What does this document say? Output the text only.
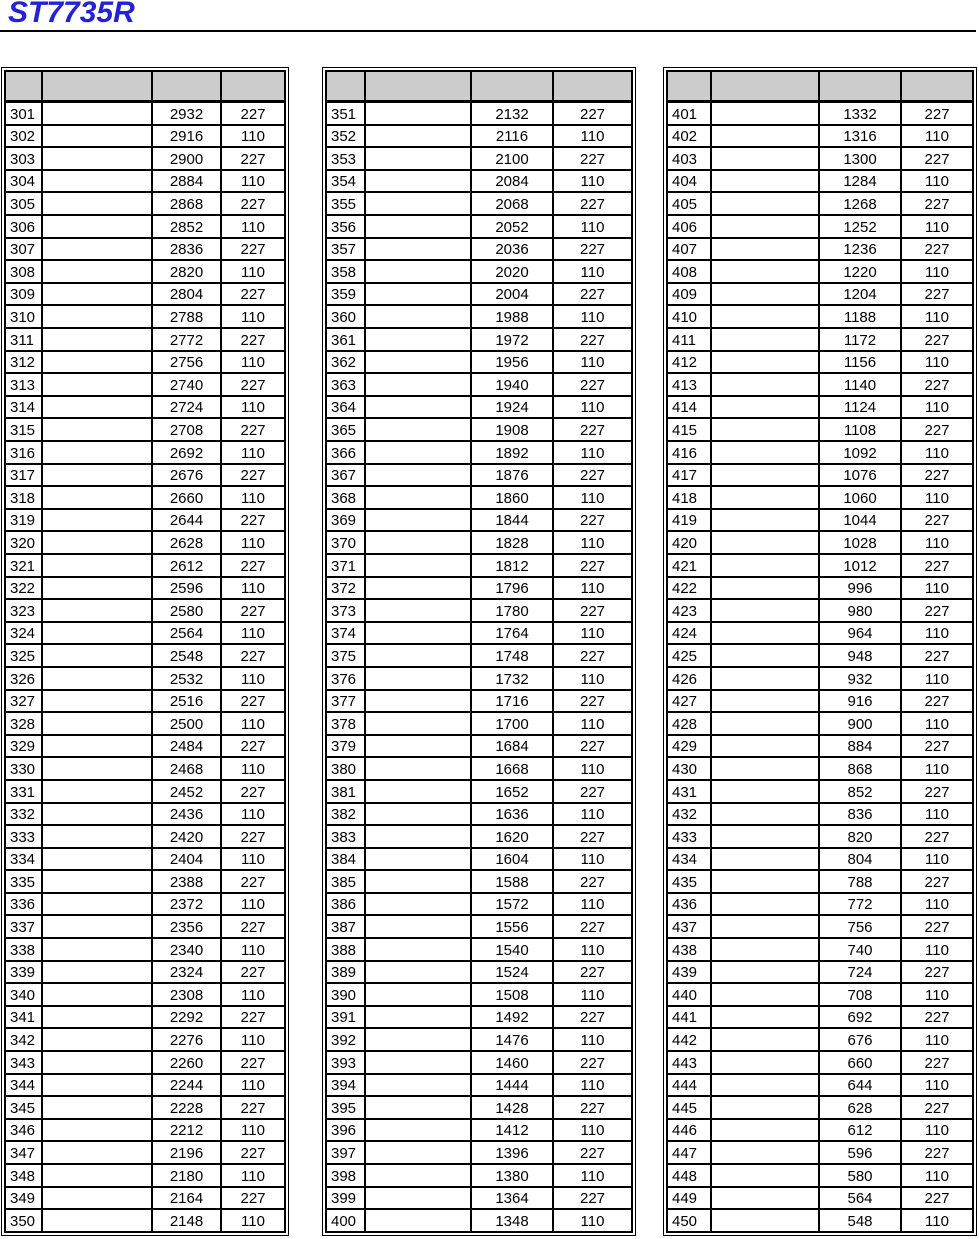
ST7735R

301		2932	227
302		2916	110
303		2900	227
304		2884	110
305		2868	227
306		2852	110
307		2836	227
308		2820	110
309		2804	227
310		2788	110
311		2772	227
312		2756	110
313		2740	227
314		2724	110
315		2708	227
316		2692	110
317		2676	227
318		2660	110
319		2644	227
320		2628	110
321		2612	227
322		2596	110
323		2580	227
324		2564	110
325		2548	227
326		2532	110
327		2516	227
328		2500	110
329		2484	227
330		2468	110
331		2452	227
332		2436	110
333		2420	227
334		2404	110
335		2388	227
336		2372	110
337		2356	227
338		2340	110
339		2324	227
340		2308	110
341		2292	227
342		2276	110
343		2260	227
344		2244	110
345		2228	227
346		2212	110
347		2196	227
348		2180	110
349		2164	227
350		2148	110

351		2132	227
352		2116	110
353		2100	227
354		2084	110
355		2068	227
356		2052	110
357		2036	227
358		2020	110
359		2004	227
360		1988	110
361		1972	227
362		1956	110
363		1940	227
364		1924	110
365		1908	227
366		1892	110
367		1876	227
368		1860	110
369		1844	227
370		1828	110
371		1812	227
372		1796	110
373		1780	227
374		1764	110
375		1748	227
376		1732	110
377		1716	227
378		1700	110
379		1684	227
380		1668	110
381		1652	227
382		1636	110
383		1620	227
384		1604	110
385		1588	227
386		1572	110
387		1556	227
388		1540	110
389		1524	227
390		1508	110
391		1492	227
392		1476	110
393		1460	227
394		1444	110
395		1428	227
396		1412	110
397		1396	227
398		1380	110
399		1364	227
400		1348	110

401		1332	227
402		1316	110
403		1300	227
404		1284	110
405		1268	227
406		1252	110
407		1236	227
408		1220	110
409		1204	227
410		1188	110
411		1172	227
412		1156	110
413		1140	227
414		1124	110
415		1108	227
416		1092	110
417		1076	227
418		1060	110
419		1044	227
420		1028	110
421		1012	227
422		996	110
423		980	227
424		964	110
425		948	227
426		932	110
427		916	227
428		900	110
429		884	227
430		868	110
431		852	227
432		836	110
433		820	227
434		804	110
435		788	227
436		772	110
437		756	227
438		740	110
439		724	227
440		708	110
441		692	227
442		676	110
443		660	227
444		644	110
445		628	227
446		612	110
447		596	227
448		580	110
449		564	227
450		548	110
